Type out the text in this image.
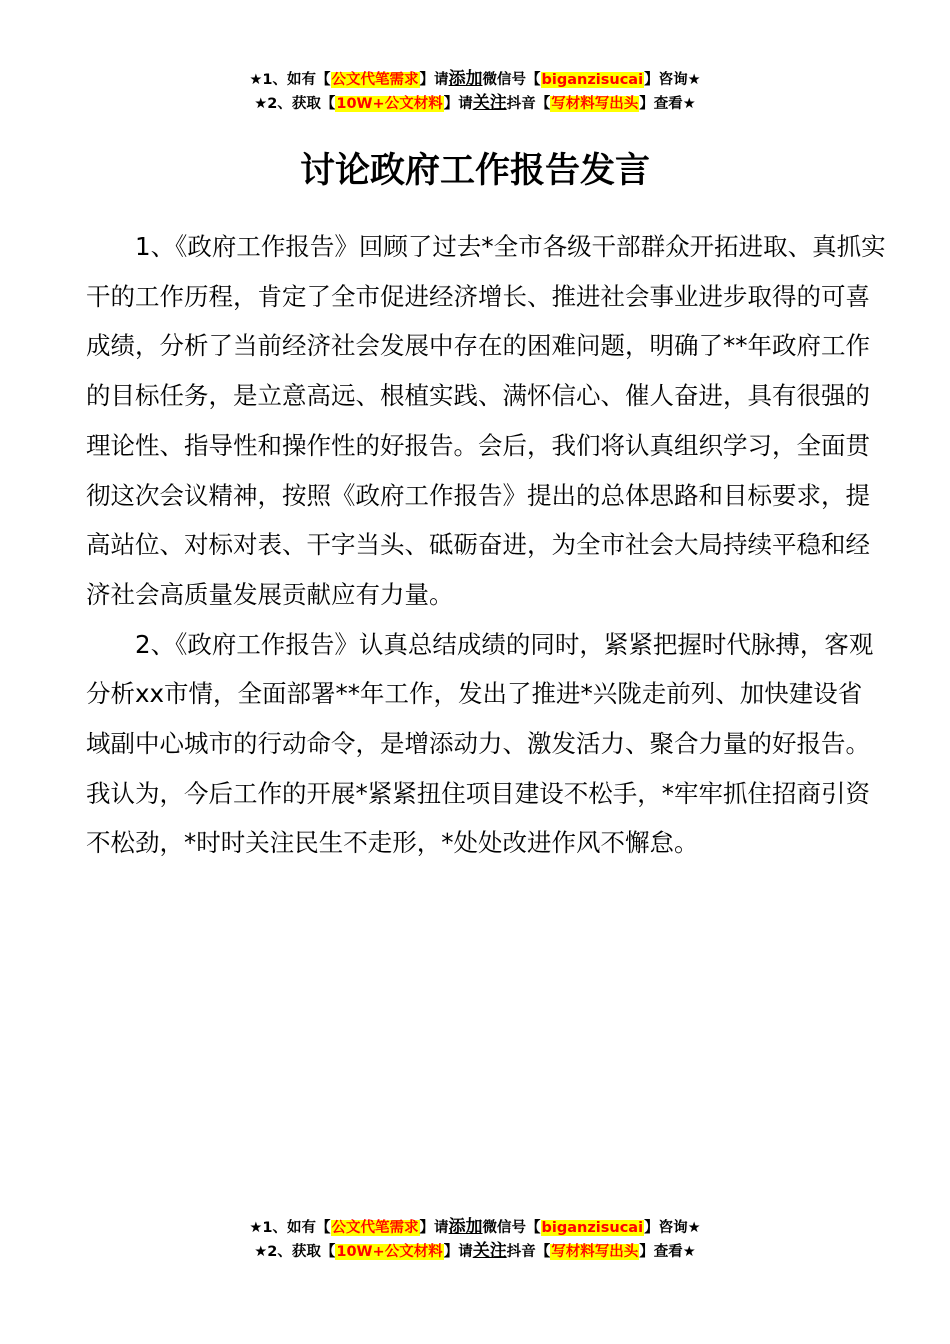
★1、如有【公文代笔需求】请添加微信号【biganzisucai】咨询★
★2、获取【10W+公文材料】请关注抖音【写材料写出头】查看★
讨论政府工作报告发言

1、《政府工作报告》回顾了过去*全市各级干部群众开拓进取、真抓实干的工作历程，肯定了全市促进经济增长、推进社会事业进步取得的可喜成绩，分析了当前经济社会发展中存在的困难问题，明确了**年政府工作的目标任务，是立意高远、根植实践、满怀信心、催人奋进，具有很强的理论性、指导性和操作性的好报告。会后，我们将认真组织学习，全面贯彻这次会议精神，按照《政府工作报告》提出的总体思路和目标要求，提高站位、对标对表、干字当头、砥砺奋进，为全市社会大局持续平稳和经济社会高质量发展贡献应有力量。

2、《政府工作报告》认真总结成绩的同时，紧紧把握时代脉搏，客观分析xx市情，全面部署**年工作，发出了推进*兴陇走前列、加快建设省域副中心城市的行动命令，是增添动力、激发活力、聚合力量的好报告。我认为，今后工作的开展*紧紧扭住项目建设不松手，*牢牢抓住招商引资不松劲，*时时关注民生不走形，*处处改进作风不懈怠。

★1、如有【公文代笔需求】请添加微信号【biganzisucai】咨询★
★2、获取【10W+公文材料】请关注抖音【写材料写出头】查看★
